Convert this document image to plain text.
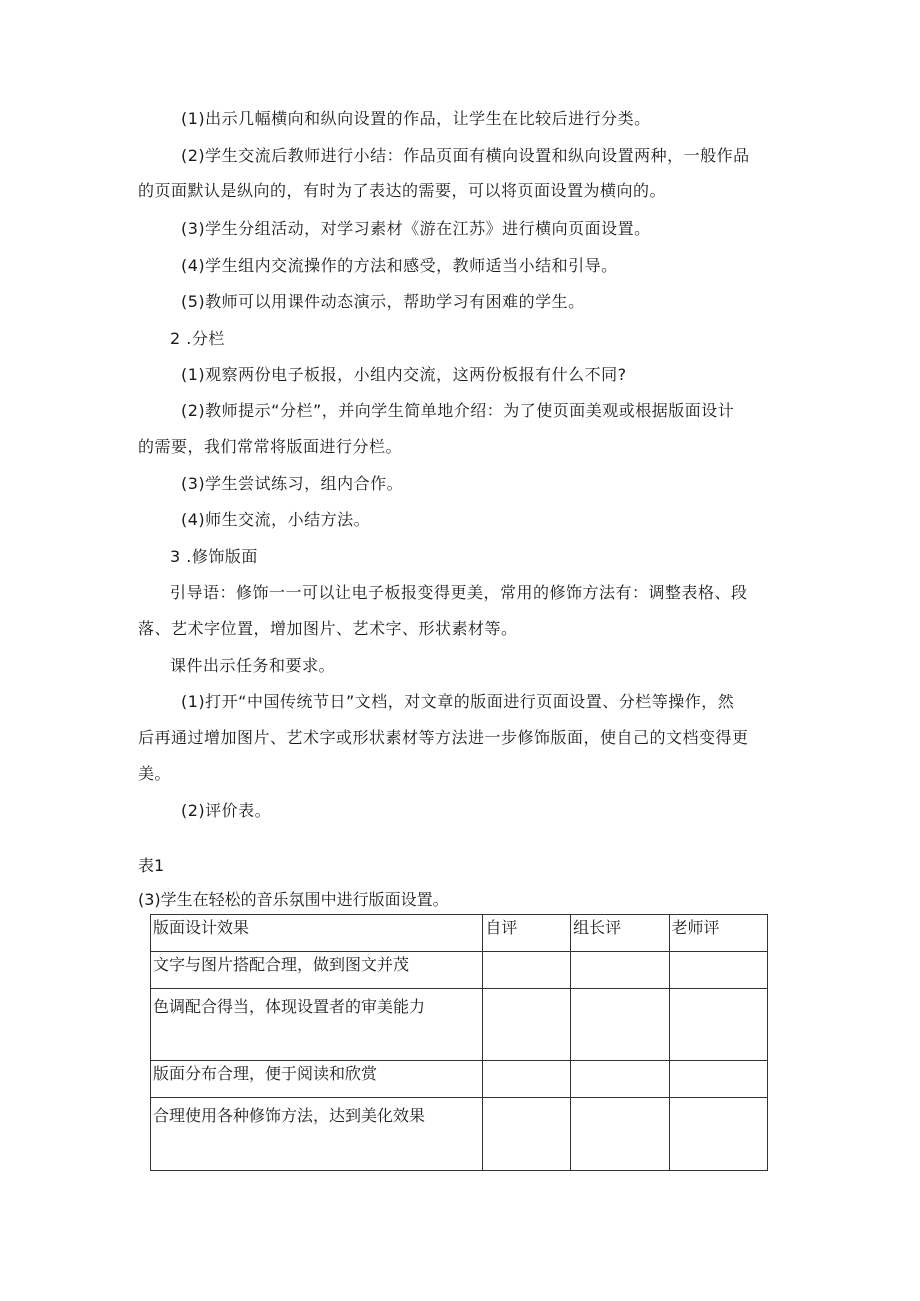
(1)出示几幅横向和纵向设置的作品，让学生在比较后进行分类。
(2)学生交流后教师进行小结：作品页面有横向设置和纵向设置两种，一般作品
的页面默认是纵向的，有时为了表达的需要，可以将页面设置为横向的。
(3)学生分组活动，对学习素材《游在江苏》进行横向页面设置。
(4)学生组内交流操作的方法和感受，教师适当小结和引导。
(5)教师可以用课件动态演示，帮助学习有困难的学生。
2 .分栏
(1)观察两份电子板报，小组内交流，这两份板报有什么不同?
(2)教师提示“分栏”，并向学生简单地介绍：为了使页面美观或根据版面设计
的需要，我们常常将版面进行分栏。
(3)学生尝试练习，组内合作。
(4)师生交流，小结方法。
3 .修饰版面
引导语：修饰一一可以让电子板报变得更美，常用的修饰方法有：调整表格、段
落、艺术字位置，增加图片、艺术字、形状素材等。
课件出示任务和要求。
(1)打开“中国传统节日”文档，对文章的版面进行页面设置、分栏等操作，然
后再通过增加图片、艺术字或形状素材等方法进一步修饰版面，使自己的文档变得更
美。
(2)评价表。
表1
(3)学生在轻松的音乐氛围中进行版面设置。
版面设计效果	自评	组长评	老师评

文字与图片搭配合理，做到图文并茂			

色调配合得当，体现设置者的审美能力			

版面分布合理，便于阅读和欣赏			

合理使用各种修饰方法，达到美化效果			
